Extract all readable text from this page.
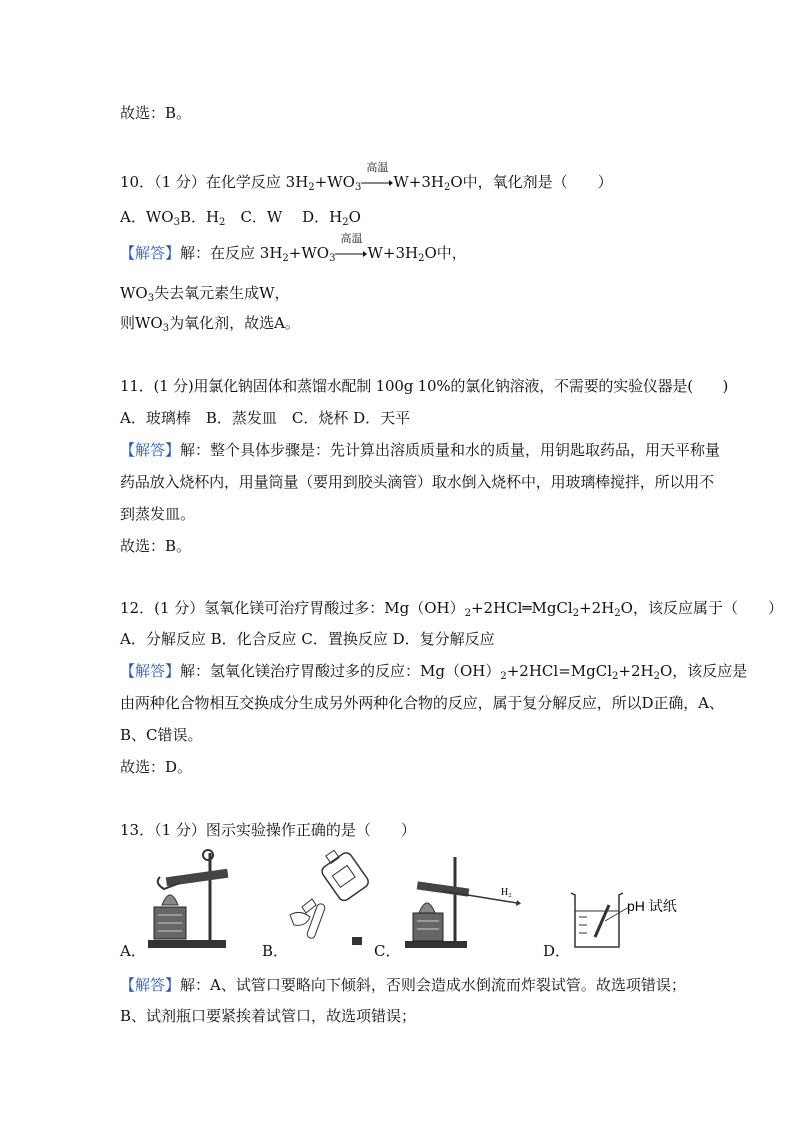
故选：B。
10．（1 分）在化学反应 $3H_2+WO_3$
高温
$W+3H_2O$中，氧化剂是（　　）
A．$WO_3B$．$H_2$　 C．W　 D．$H_2O$
【解答】解：在反应 $3H_2+WO_3$
高温
$W+3H_2O$中，
$WO_3$失去氧元素生成W，
则$WO_3$为氧化剂，故选A。
11．(1 分)用氯化钠固体和蒸馏水配制 100g 10%的氯化钠溶液，不需要的实验仪器是(　　)
A．玻璃棒　B．蒸发皿　C．烧杯 D．天平
【解答】解：整个具体步骤是：先计算出溶质质量和水的质量，用钥匙取药品，用天平称量
药品放入烧杯内，用量筒量（要用到胶头滴管）取水倒入烧杯中，用玻璃棒搅拌，所以用不
到蒸发皿。
故选：B。
12．(1 分）氢氧化镁可治疗胃酸过多：$Mg(OH)_2+2HCl═MgCl_2+2H_2O$，该反应属于（　　）
A．分解反应 B．化合反应 C．置换反应 D．复分解反应
【解答】解：氢氧化镁治疗胃酸过多的反应：$Mg(OH)_2+2HCl=MgCl_2+2H_2O$，该反应是
由两种化合物相互交换成分生成另外两种化合物的反应，属于复分解反应，所以D正确，A、
B、C错误。
故选：D。
13．（1 分）图示实验操作正确的是（　　）
A．	B．	C．
H₂
D．
pH 试纸
【解答】解：A、试管口要略向下倾斜，否则会造成水倒流而炸裂试管。故选项错误；
B、试剂瓶口要紧挨着试管口，故选项错误；
